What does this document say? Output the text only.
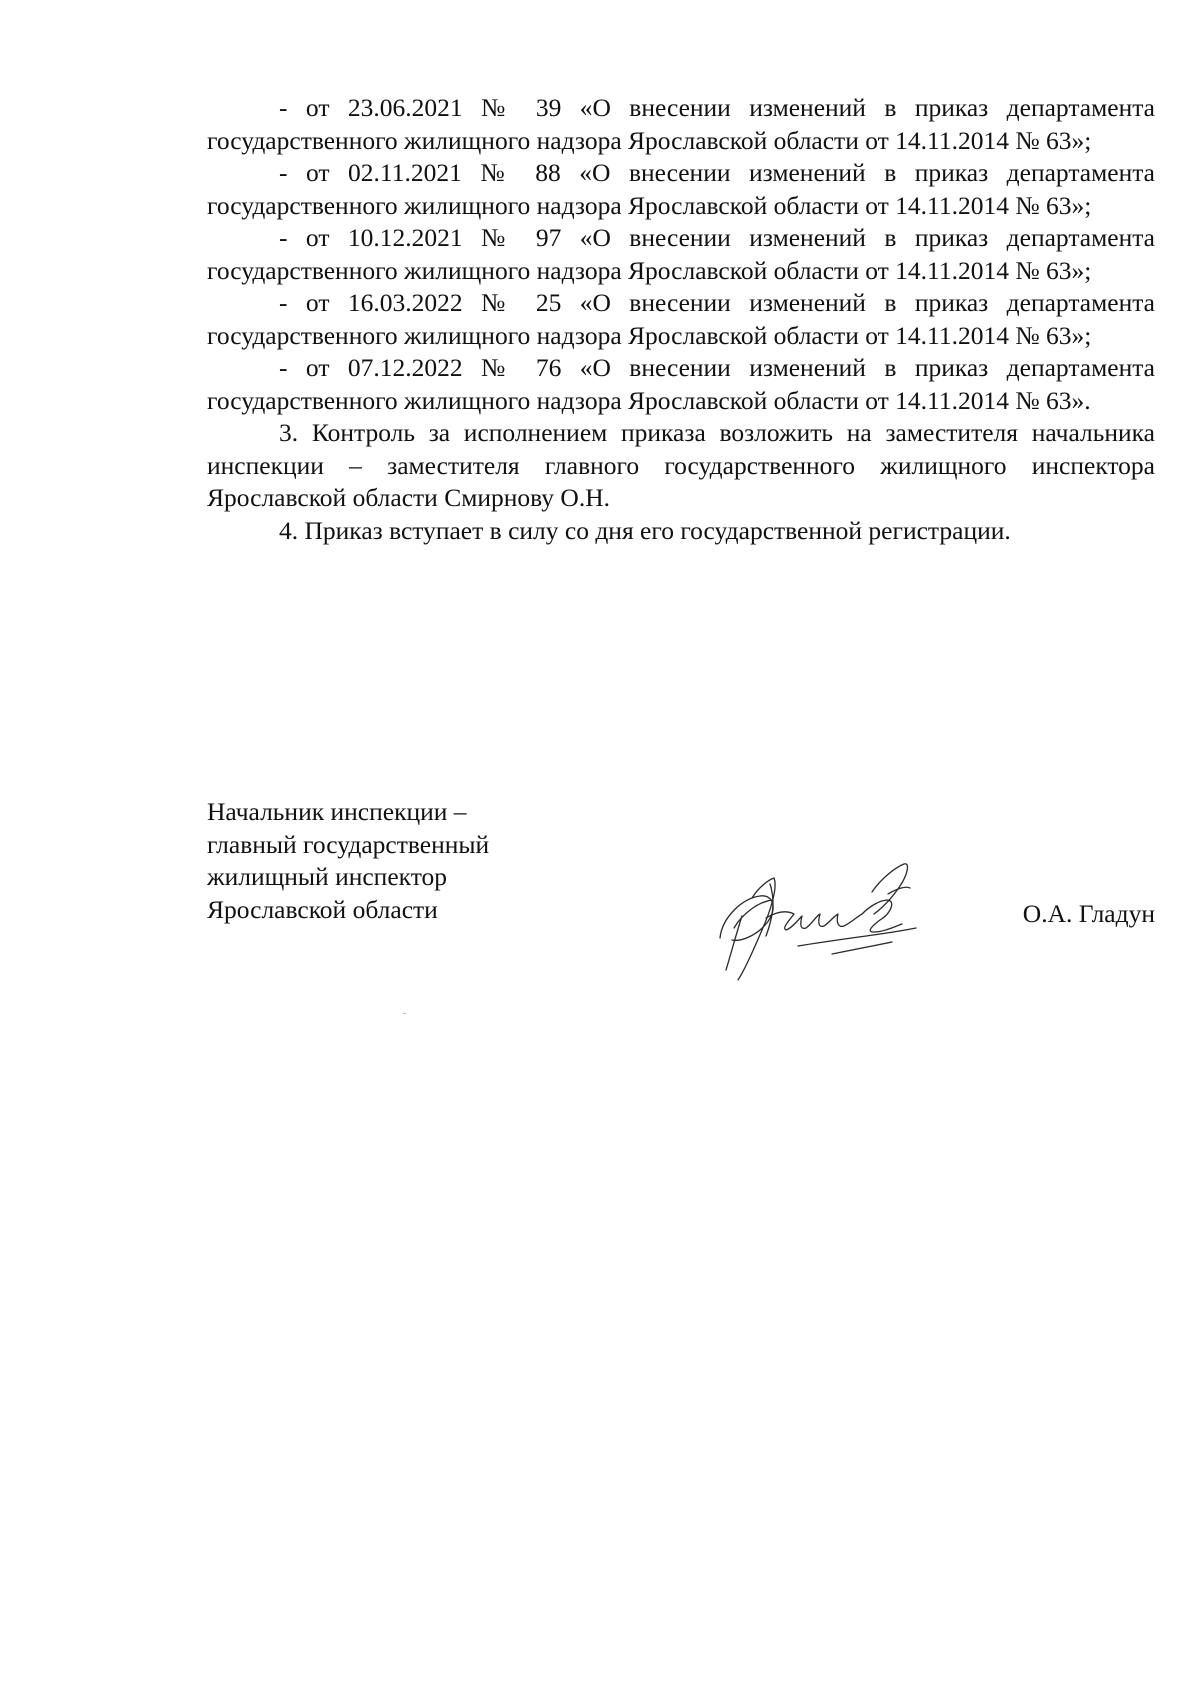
- от 23.06.2021 № 39 «О внесении изменений в приказ департамента государственного жилищного надзора Ярославской области от 14.11.2014 № 63»;

- от 02.11.2021 № 88 «О внесении изменений в приказ департамента государственного жилищного надзора Ярославской области от 14.11.2014 № 63»;

- от 10.12.2021 № 97 «О внесении изменений в приказ департамента государственного жилищного надзора Ярославской области от 14.11.2014 № 63»;

- от 16.03.2022 № 25 «О внесении изменений в приказ департамента государственного жилищного надзора Ярославской области от 14.11.2014 № 63»;

- от 07.12.2022 № 76 «О внесении изменений в приказ департамента государственного жилищного надзора Ярославской области от 14.11.2014 № 63».

3. Контроль за исполнением приказа возложить на заместителя начальника инспекции – заместителя главного государственного жилищного инспектора Ярославской области Смирнову О.Н.

4. Приказ вступает в силу со дня его государственной регистрации.

Начальник инспекции –
главный государственный
жилищный инспектор
Ярославской области	О.А. Гладун
